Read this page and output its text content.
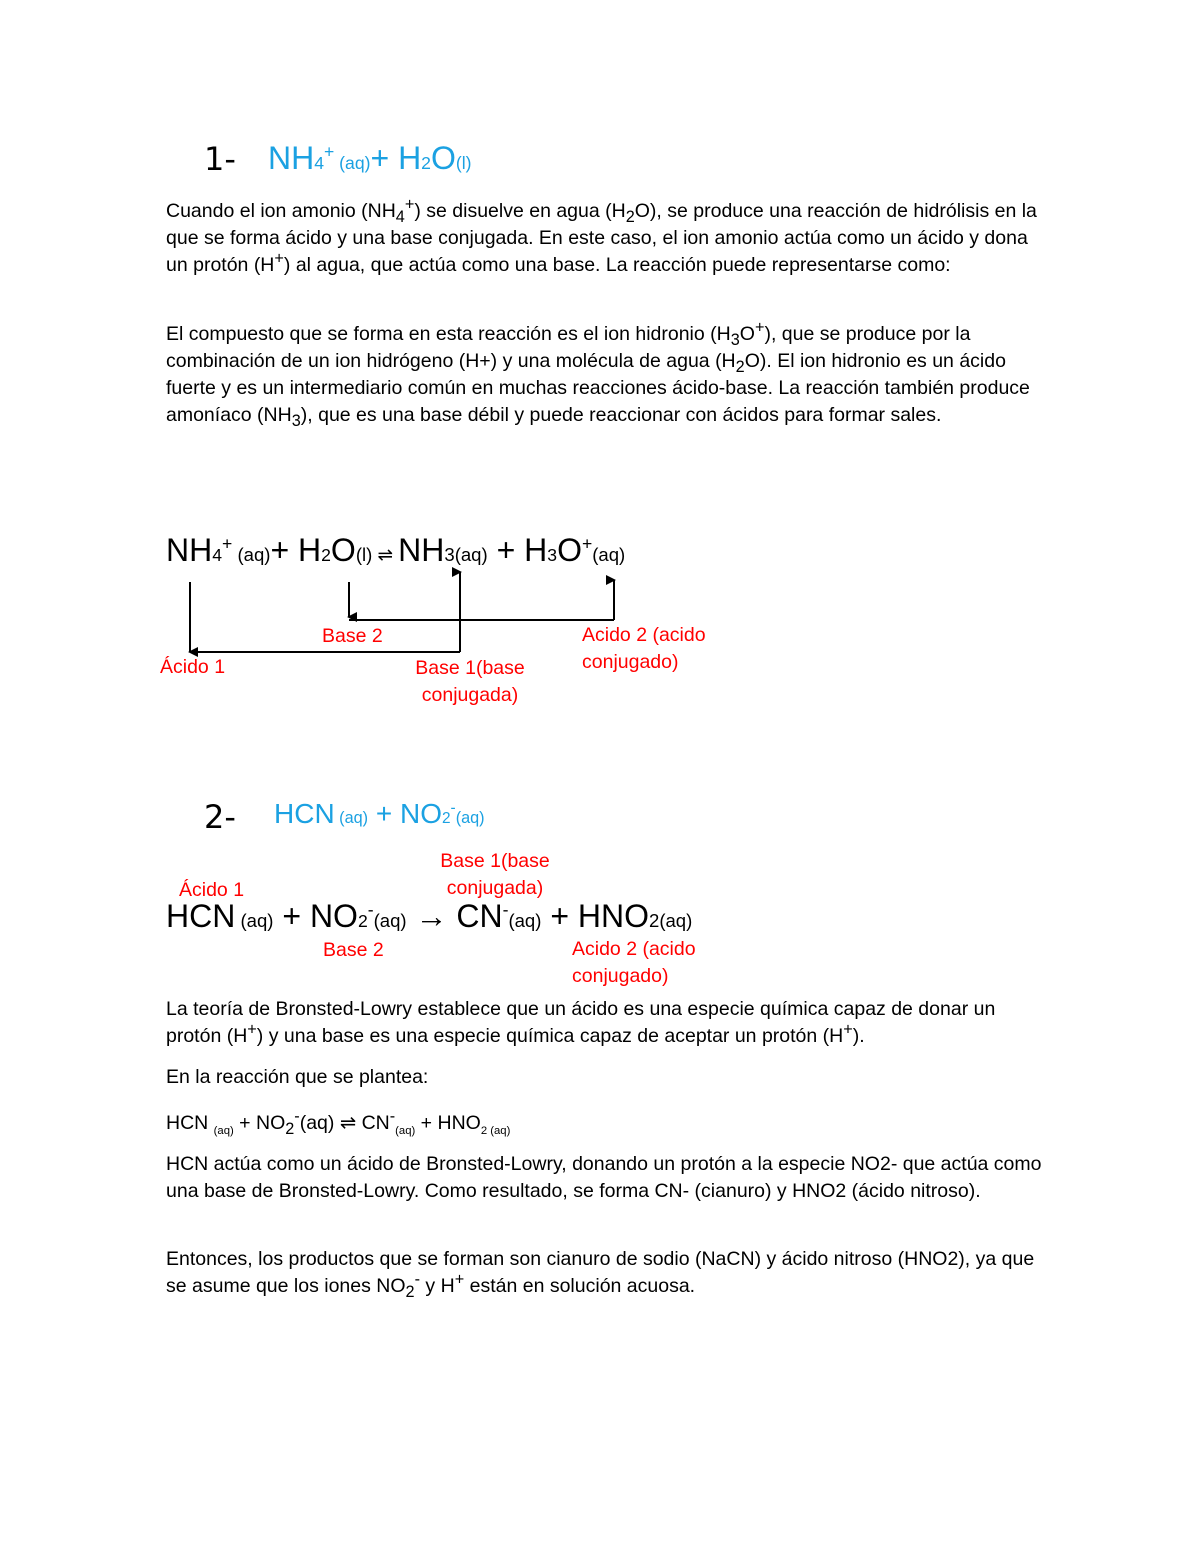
1- NH4+ (aq)+ H2O(l)

Cuando el ion amonio $(NH_4^+)$ se disuelve en agua $(H_2O)$, se produce una reacción de hidrólisis en la que se forma ácido y una base conjugada. En este caso, el ion amonio actúa como un ácido y dona un protón (H+) al agua, que actúa como una base. La reacción puede representarse como:

El compuesto que se forma en esta reacción es el ion hidronio $(H_3O^+)$, que se produce por la combinación de un ion hidrógeno (H+) y una molécula de agua $(H_2O)$. El ion hidronio es un ácido fuerte y es un intermediario común en muchas reacciones ácido-base. La reacción también produce amoníaco $(NH_3)$, que es una base débil y puede reaccionar con ácidos para formar sales.

NH4+ (aq)+ H2O(l) ⇌ NH3(aq) + H3O+(aq)
Ácido 1
Base 2
Base 1(base
conjugada)
Acido 2 (acido
conjugado)
2- HCN (aq) + NO2-(aq)
Base 1(base
conjugada)
Ácido 1
HCN (aq) + NO2-(aq) → CN-(aq) + HNO2(aq)
Base 2	Acido 2 (acido
conjugado)

La teoría de Bronsted-Lowry establece que un ácido es una especie química capaz de donar un protón (H+) y una base es una especie química capaz de aceptar un protón (H+).

En la reacción que se plantea:
HCN $_{(aq)} + NO_2^-(aq)$ ⇌ $CN^-_{(aq)} + HNO_{2 (aq)}$
HCN actúa como un ácido de Bronsted-Lowry, donando un protón a la especie NO2- que actúa como una base de Bronsted-Lowry. Como resultado, se forma CN- (cianuro) y HNO2 (ácido nitroso).

Entonces, los productos que se forman son cianuro de sodio (NaCN) y ácido nitroso (HNO2), ya que se asume que los iones $NO_2^-$ y H+ están en solución acuosa.
